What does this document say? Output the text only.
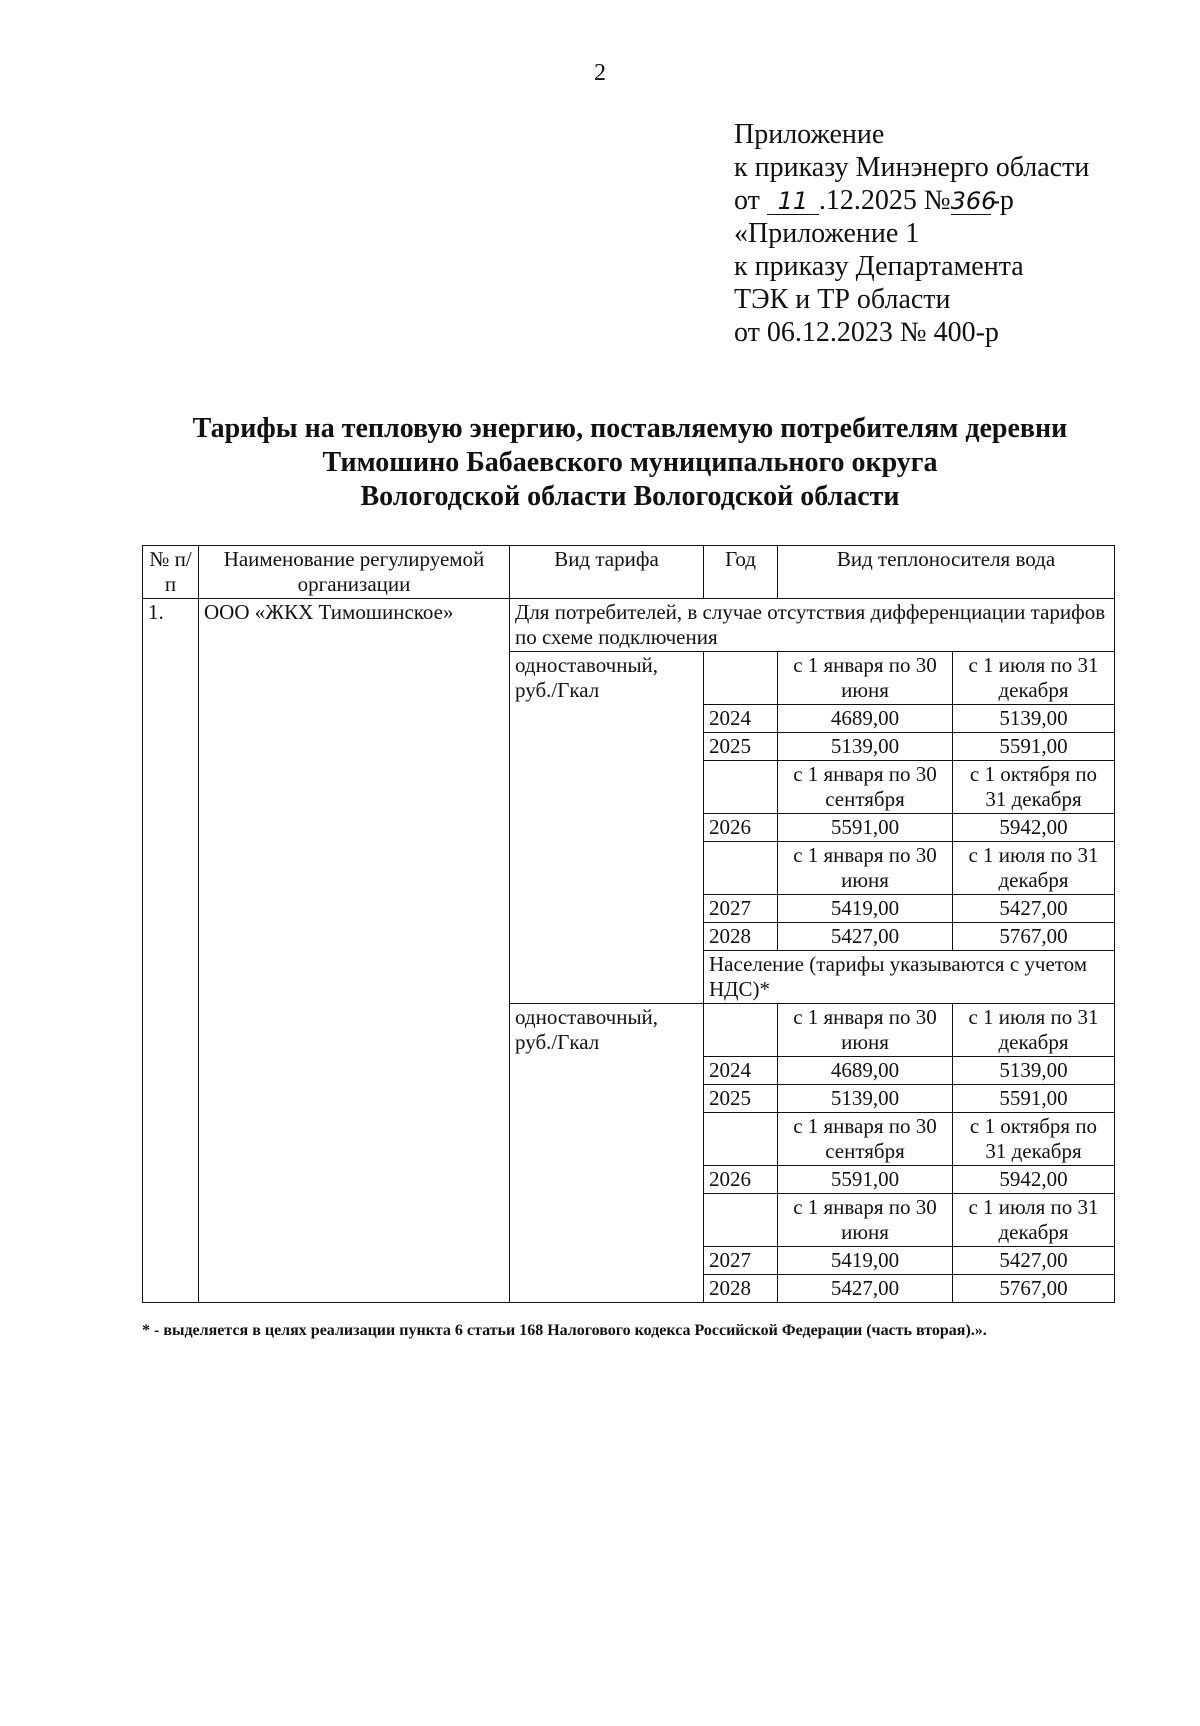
2
Приложение
к приказу Минэнерго области
от 11 .12.2025 №366-р
«Приложение 1
к приказу Департамента
ТЭК и ТР области
от 06.12.2023 № 400-р
Тарифы на тепловую энергию, поставляемую потребителям деревни
Тимошино Бабаевского муниципального округа
Вологодской области Вологодской области
№ п/п	Наименование регулируемой организации	Вид тарифа	Год	Вид теплоносителя вода	
1.	ООО «ЖКХ Тимошинское»	Для потребителей, в случае отсутствия дифференциации тарифов по схеме подключения			
		одноставочный, руб./Гкал		с 1 января по 30 июня	с 1 июля по 31 декабря
			2024	4689,00	5139,00
			2025	5139,00	5591,00
				с 1 января по 30 сентября	с 1 октября по 31 декабря
			2026	5591,00	5942,00
				с 1 января по 30 июня	с 1 июля по 31 декабря
			2027	5419,00	5427,00
			2028	5427,00	5767,00
			Население (тарифы указываются с учетом НДС)*		
		одноставочный, руб./Гкал		с 1 января по 30 июня	с 1 июля по 31 декабря
			2024	4689,00	5139,00
			2025	5139,00	5591,00
				с 1 января по 30 сентября	с 1 октября по 31 декабря
			2026	5591,00	5942,00
				с 1 января по 30 июня	с 1 июля по 31 декабря
			2027	5419,00	5427,00
			2028	5427,00	5767,00
* - выделяется в целях реализации пункта 6 статьи 168 Налогового кодекса Российской Федерации (часть вторая).».
